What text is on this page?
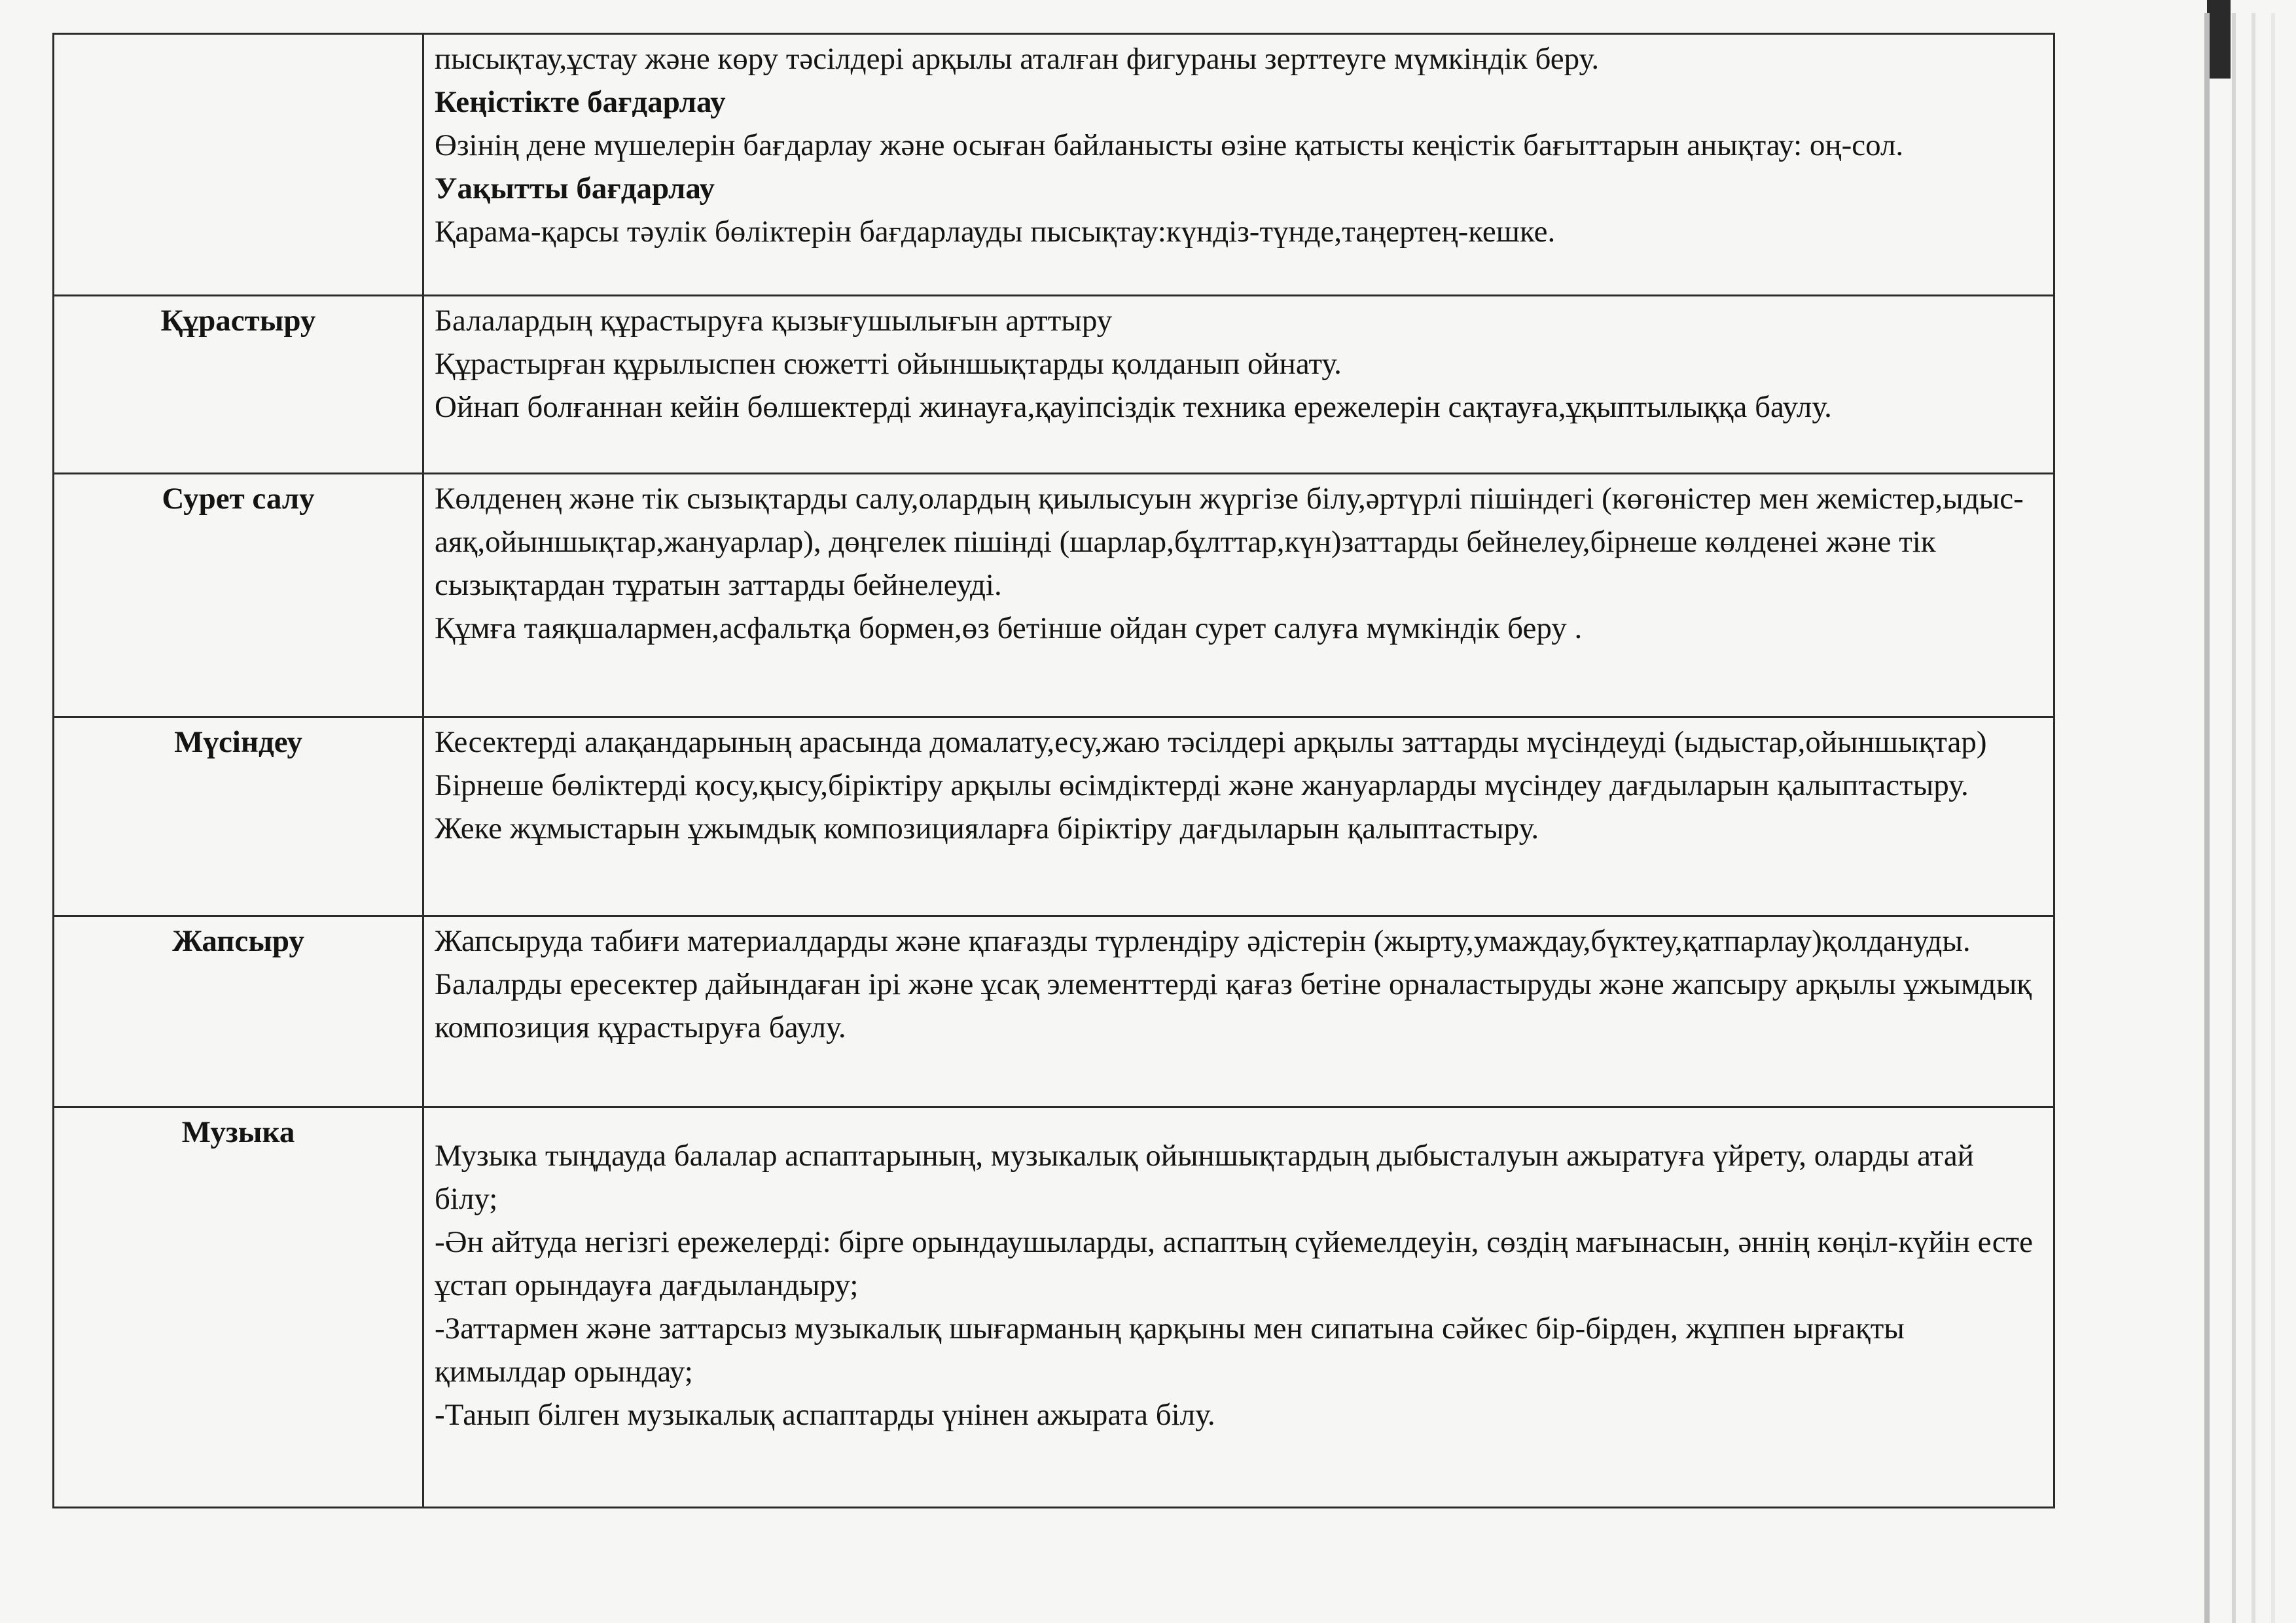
	пысықтау,ұстау және көру тәсілдері арқылы аталған фигураны зерттеуге мүмкіндік беру.

Кеңістікте бағдарлау

Өзінің дене мүшелерін бағдарлау және осыған байланысты өзіне қатысты кеңістік бағыттарын анықтау: оң-сол.

Уақытты бағдарлау

Қарама-қарсы тәулік бөліктерін бағдарлауды пысықтау:күндіз-түнде,таңертең-кешке.

Құрастыру	Балалардың құрастыруға қызығушылығын арттыру

Құрастырған құрылыспен сюжетті ойыншықтарды қолданып ойнату.

Ойнап болғаннан кейін бөлшектерді жинауға,қауіпсіздік техника ережелерін сақтауға,ұқыптылыққа баулу.

Сурет салу	Көлденең және тік сызықтарды салу,олардың қиылысуын жүргізе білу,әртүрлі пішіндегі (көгөністер мен жемістер,ыдыс-аяқ,ойыншықтар,жануарлар), дөңгелек пішінді (шарлар,бұлттар,күн)заттарды бейнелеу,бірнеше көлденеі және тік сызықтардан тұратын заттарды бейнелеуді.

Құмға таяқшалармен,асфальтқа бормен,өз бетінше ойдан сурет салуға мүмкіндік беру .

Мүсіндеу	Кесектерді алақандарының арасында домалату,есу,жаю тәсілдері арқылы заттарды мүсіндеуді (ыдыстар,ойыншықтар)

Бірнеше бөліктерді қосу,қысу,біріктіру арқылы өсімдіктерді және жануарларды мүсіндеу дағдыларын қалыптастыру.

Жеке жұмыстарын ұжымдық композицияларға біріктіру дағдыларын қалыптастыру.

Жапсыру	Жапсыруда табиғи материалдарды және қпағазды түрлендіру әдістерін (жырту,умаждау,бүктеу,қатпарлау)қолдануды.

Балалрды ересектер дайындаған ірі және ұсақ элементтерді қағаз бетіне орналастыруды және жапсыру арқылы ұжымдық композиция құрастыруға баулу.

Музыка	Музыка тыңдауда балалар аспаптарының, музыкалық ойыншықтардың дыбысталуын ажыратуға үйрету, оларды атай білу;

-Ән айтуда негізгі ережелерді: бірге орындаушыларды, аспаптың сүйемелдеуін, сөздің мағынасын, әннің көңіл-күйін есте ұстап орындауға дағдыландыру;

-Заттармен және заттарсыз музыкалық шығарманың қарқыны мен сипатына сәйкес бір-бірден, жұппен ырғақты қимылдар орындау;

-Танып білген музыкалық аспаптарды үнінен ажырата білу.
